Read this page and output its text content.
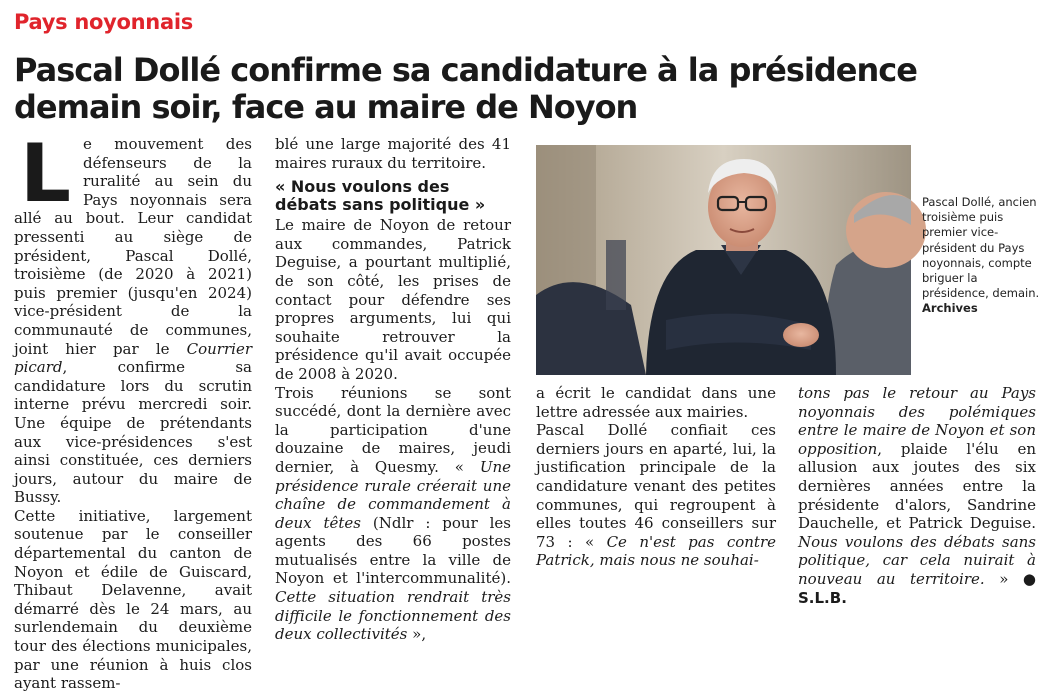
Pays noyonnais
Pascal Dollé confirme sa candidature à la présidence
demain soir, face au maire de Noyon

Le mouvement des défenseurs de la ruralité au sein du Pays noyonnais sera allé au bout. Leur candidat pressenti au siège de président, Pascal Dollé, troisième (de 2020 à 2021) puis premier (jusqu'en 2024) vice-président de la communauté de communes, joint hier par le Courrier picard, confirme sa candidature lors du scrutin interne prévu mercredi soir. Une équipe de prétendants aux vice-présidences s'est ainsi constituée, ces derniers jours, autour du maire de Bussy.

Cette initiative, largement soutenue par le conseiller départemental du canton de Noyon et édile de Guiscard, Thibaut Delavenne, avait démarré dès le 24 mars, au surlendemain du deuxième tour des élections municipales, par une réunion à huis clos ayant rassem-

blé une large majorité des 41 maires ruraux du territoire.

« Nous voulons des débats sans politique »

Le maire de Noyon de retour aux commandes, Patrick Deguise, a pourtant multiplié, de son côté, les prises de contact pour défendre ses propres arguments, lui qui souhaite retrouver la présidence qu'il avait occupée de 2008 à 2020.

Trois réunions se sont succédé, dont la dernière avec la participation d'une douzaine de maires, jeudi dernier, à Quesmy. « Une présidence rurale créerait une chaîne de commandement à deux têtes (Ndlr : pour les agents des 66 postes mutualisés entre la ville de Noyon et l'intercommunalité). Cette situation rendrait très difficile le fonctionnement des deux collectivités »,

Pascal Dollé, ancien troisième puis premier vice-président du Pays noyonnais, compte briguer la présidence, demain.
Archives

a écrit le candidat dans une lettre adressée aux mairies.

Pascal Dollé confiait ces derniers jours en aparté, lui, la justification principale de la candidature venant des petites communes, qui regroupent à elles toutes 46 conseillers sur 73 : « Ce n'est pas contre Patrick, mais nous ne souhai-

tons pas le retour au Pays noyonnais des polémiques entre le maire de Noyon et son opposition, plaide l'élu en allusion aux joutes des six dernières années entre la présidente d'alors, Sandrine Dauchelle, et Patrick Deguise. Nous voulons des débats sans politique, car cela nuirait à nouveau au territoire. » ● S.L.B.
